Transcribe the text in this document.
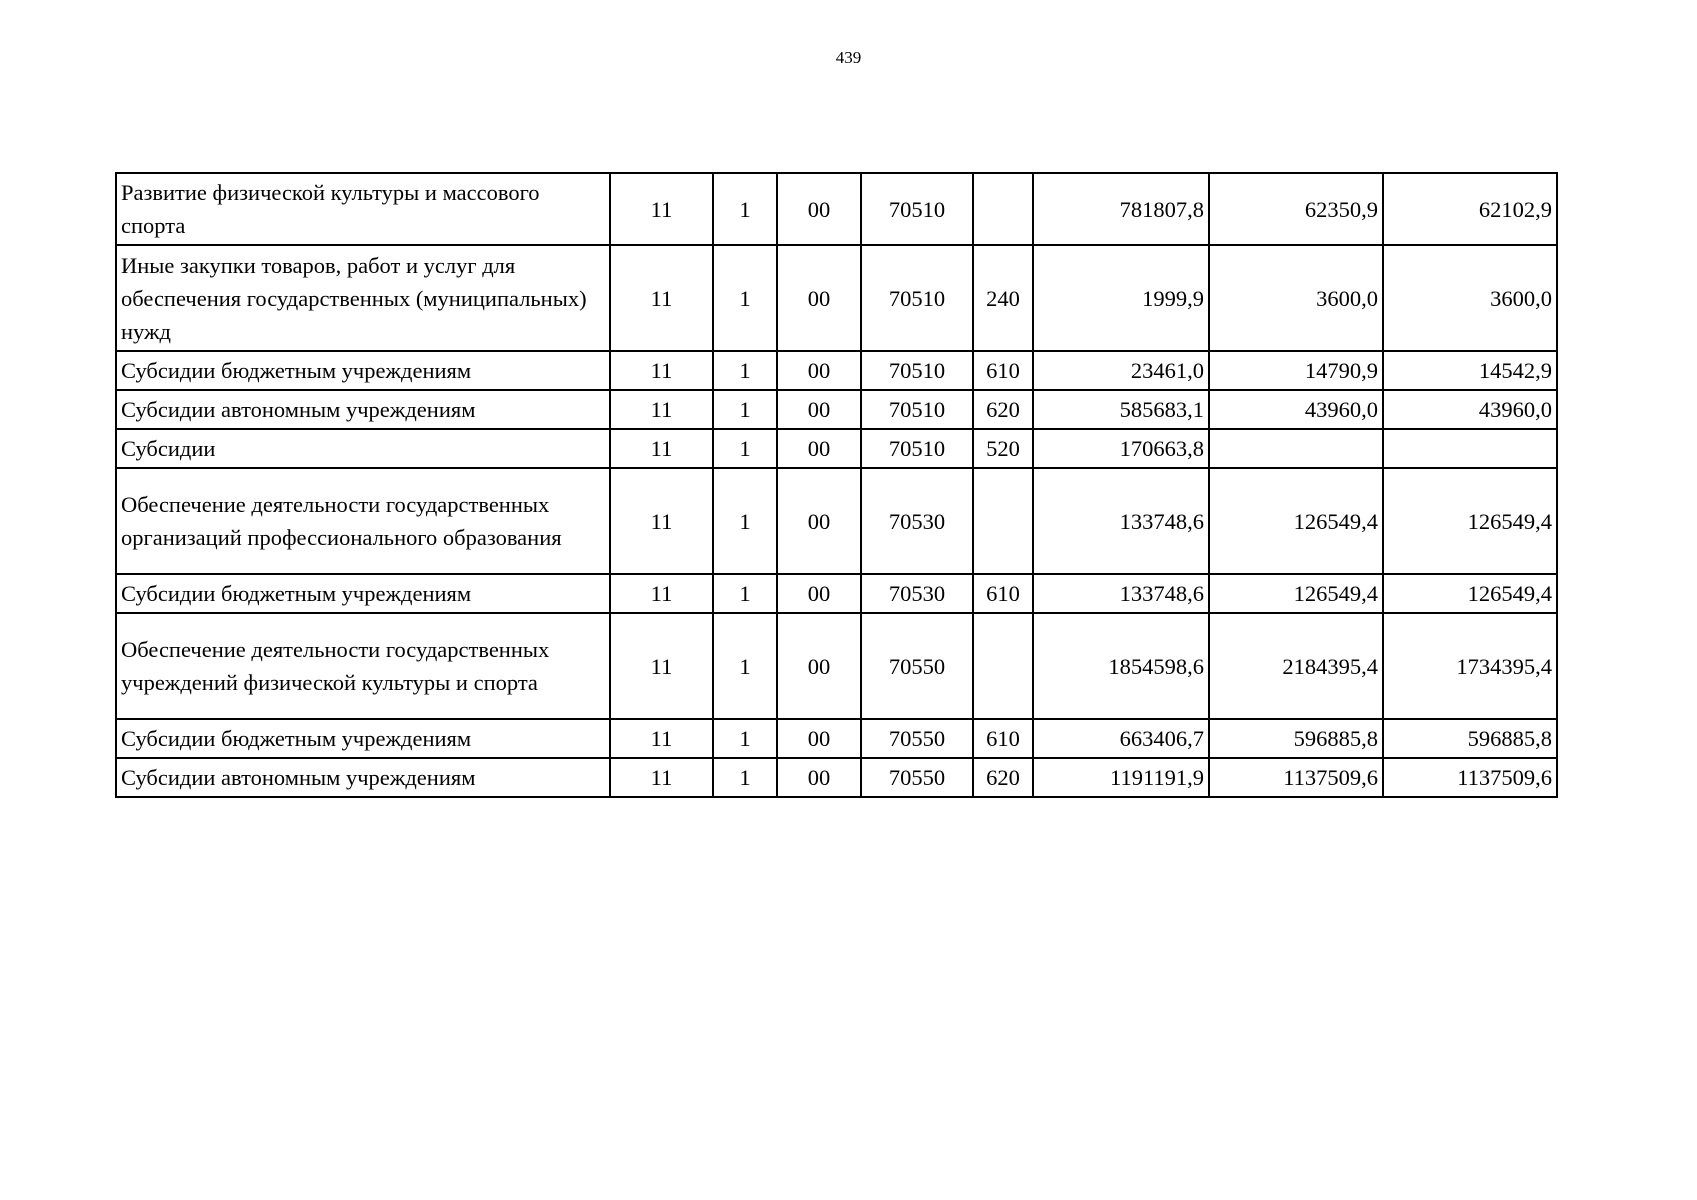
439
Развитие физической культуры и массового спорта	11	1	00	70510		781807,8	62350,9	62102,9
Иные закупки товаров, работ и услуг для обеспечения государственных (муниципальных) нужд	11	1	00	70510	240	1999,9	3600,0	3600,0
Субсидии бюджетным учреждениям	11	1	00	70510	610	23461,0	14790,9	14542,9
Субсидии автономным учреждениям	11	1	00	70510	620	585683,1	43960,0	43960,0
Субсидии	11	1	00	70510	520	170663,8		
Обеспечение деятельности государственных организаций профессионального образования	11	1	00	70530		133748,6	126549,4	126549,4
Субсидии бюджетным учреждениям	11	1	00	70530	610	133748,6	126549,4	126549,4
Обеспечение деятельности государственных учреждений физической культуры и спорта	11	1	00	70550		1854598,6	2184395,4	1734395,4
Субсидии бюджетным учреждениям	11	1	00	70550	610	663406,7	596885,8	596885,8
Субсидии автономным учреждениям	11	1	00	70550	620	1191191,9	1137509,6	1137509,6
